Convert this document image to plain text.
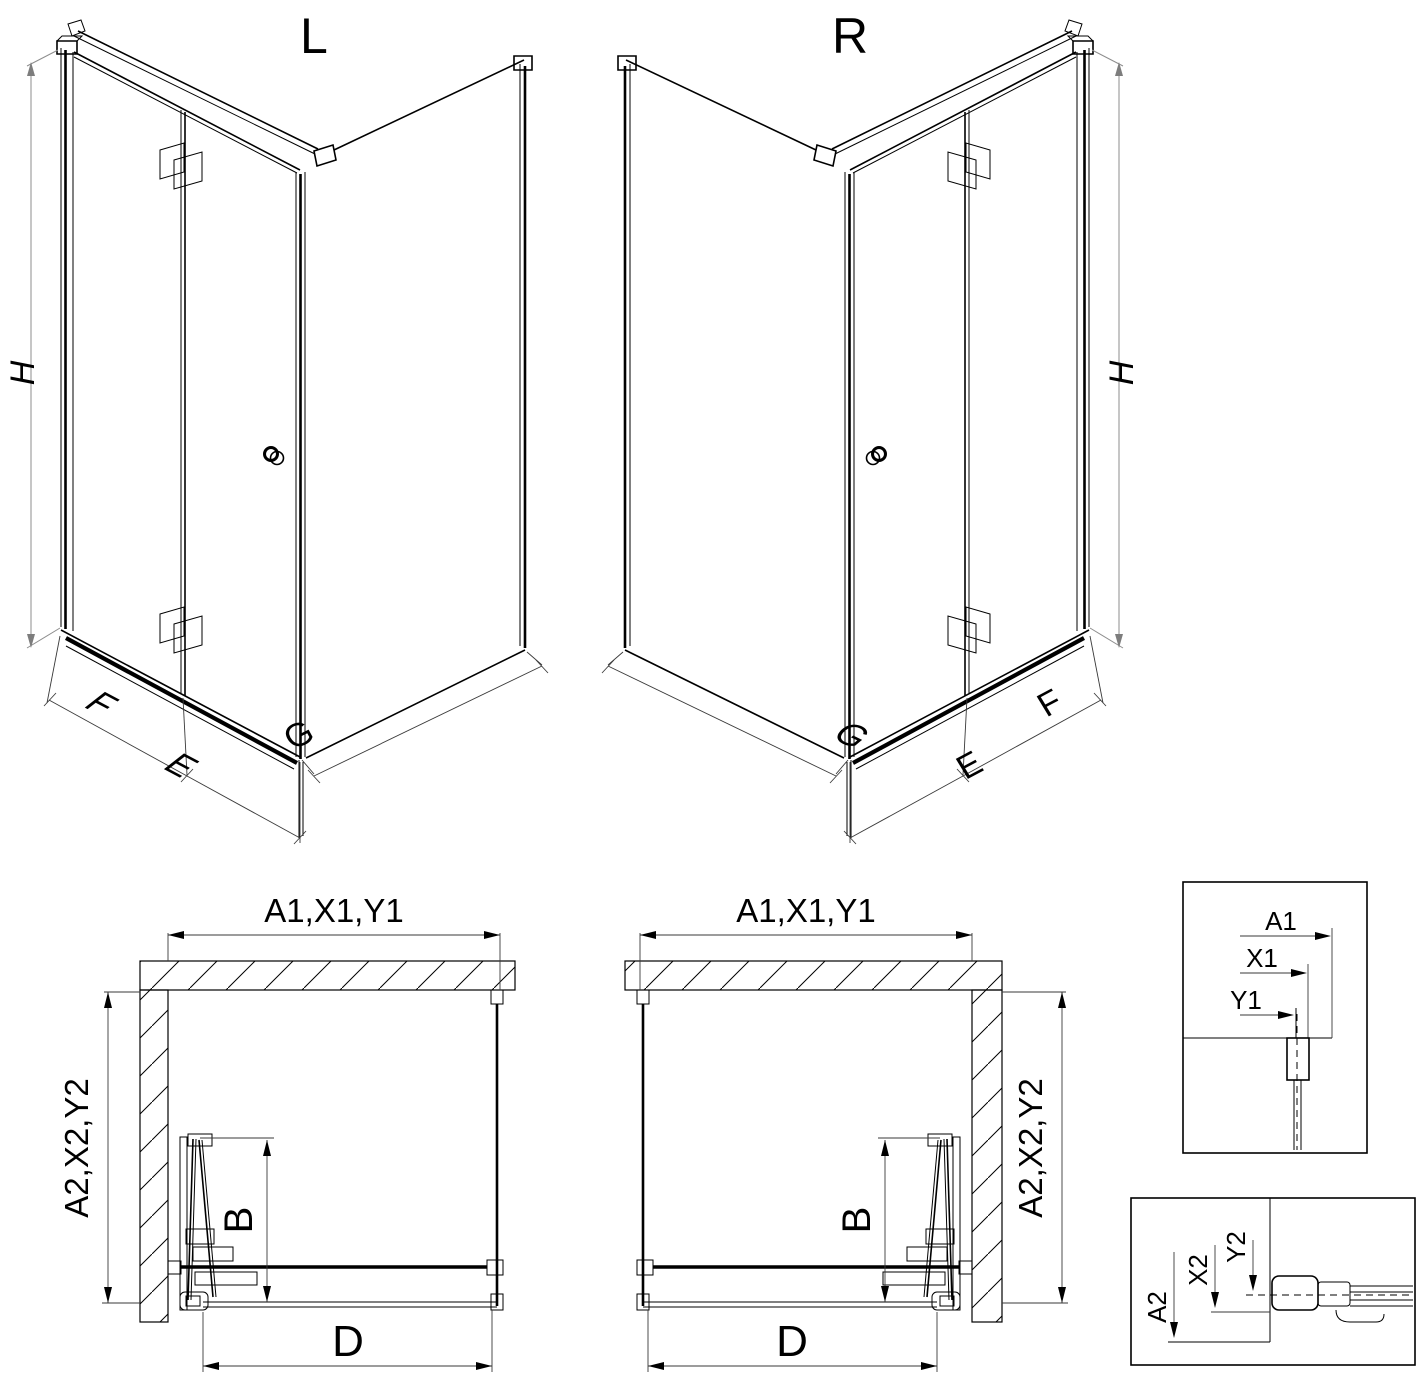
H
F
E
G
L
H
F
E
G
R
A1,X1,Y1
A2,X2,Y2
B
D
A1,X1,Y1
A2,X2,Y2
B
D
A1
X1
Y1
A2
X2
Y2
